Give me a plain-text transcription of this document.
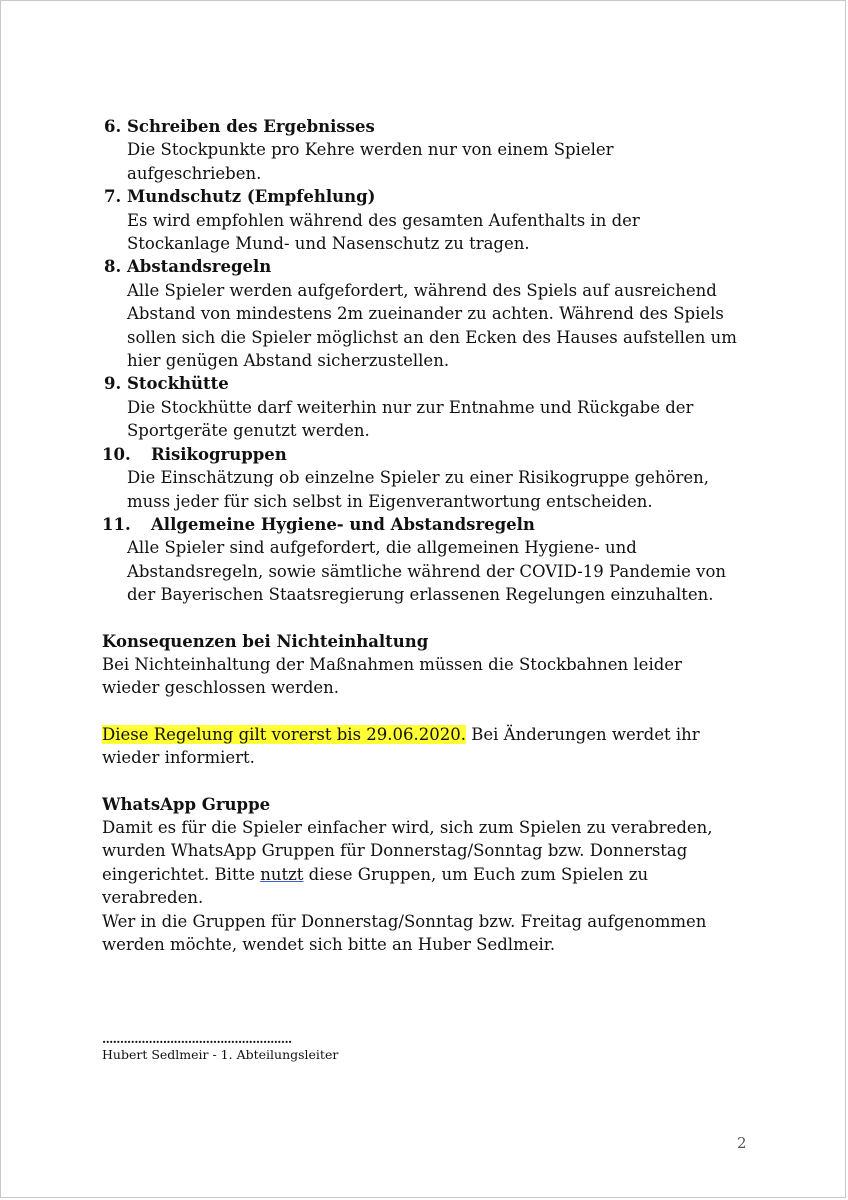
6. Schreiben des Ergebnisses
Die Stockpunkte pro Kehre werden nur von einem Spieler
aufgeschrieben.
7. Mundschutz (Empfehlung)
Es wird empfohlen während des gesamten Aufenthalts in der
Stockanlage Mund- und Nasenschutz zu tragen.
8. Abstandsregeln
Alle Spieler werden aufgefordert, während des Spiels auf ausreichend
Abstand von mindestens 2m zueinander zu achten. Während des Spiels
sollen sich die Spieler möglichst an den Ecken des Hauses aufstellen um
hier genügen Abstand sicherzustellen.
9. Stockhütte
Die Stockhütte darf weiterhin nur zur Entnahme und Rückgabe der
Sportgeräte genutzt werden.
10.	Risikogruppen
Die Einschätzung ob einzelne Spieler zu einer Risikogruppe gehören,
muss jeder für sich selbst in Eigenverantwortung entscheiden.
11.	Allgemeine Hygiene- und Abstandsregeln
Alle Spieler sind aufgefordert, die allgemeinen Hygiene- und
Abstandsregeln, sowie sämtliche während der COVID-19 Pandemie von
der Bayerischen Staatsregierung erlassenen Regelungen einzuhalten.
Konsequenzen bei Nichteinhaltung
Bei Nichteinhaltung der Maßnahmen müssen die Stockbahnen leider
wieder geschlossen werden.
Diese Regelung gilt vorerst bis 29.06.2020. Bei Änderungen werdet ihr
wieder informiert.
WhatsApp Gruppe
Damit es für die Spieler einfacher wird, sich zum Spielen zu verabreden,
wurden WhatsApp Gruppen für Donnerstag/Sonntag bzw. Donnerstag
eingerichtet. Bitte nutzt diese Gruppen, um Euch zum Spielen zu
verabreden.
Wer in die Gruppen für Donnerstag/Sonntag bzw. Freitag aufgenommen
werden möchte, wendet sich bitte an Huber Sedlmeir.
.....................................................
Hubert Sedlmeir - 1. Abteilungsleiter
2
